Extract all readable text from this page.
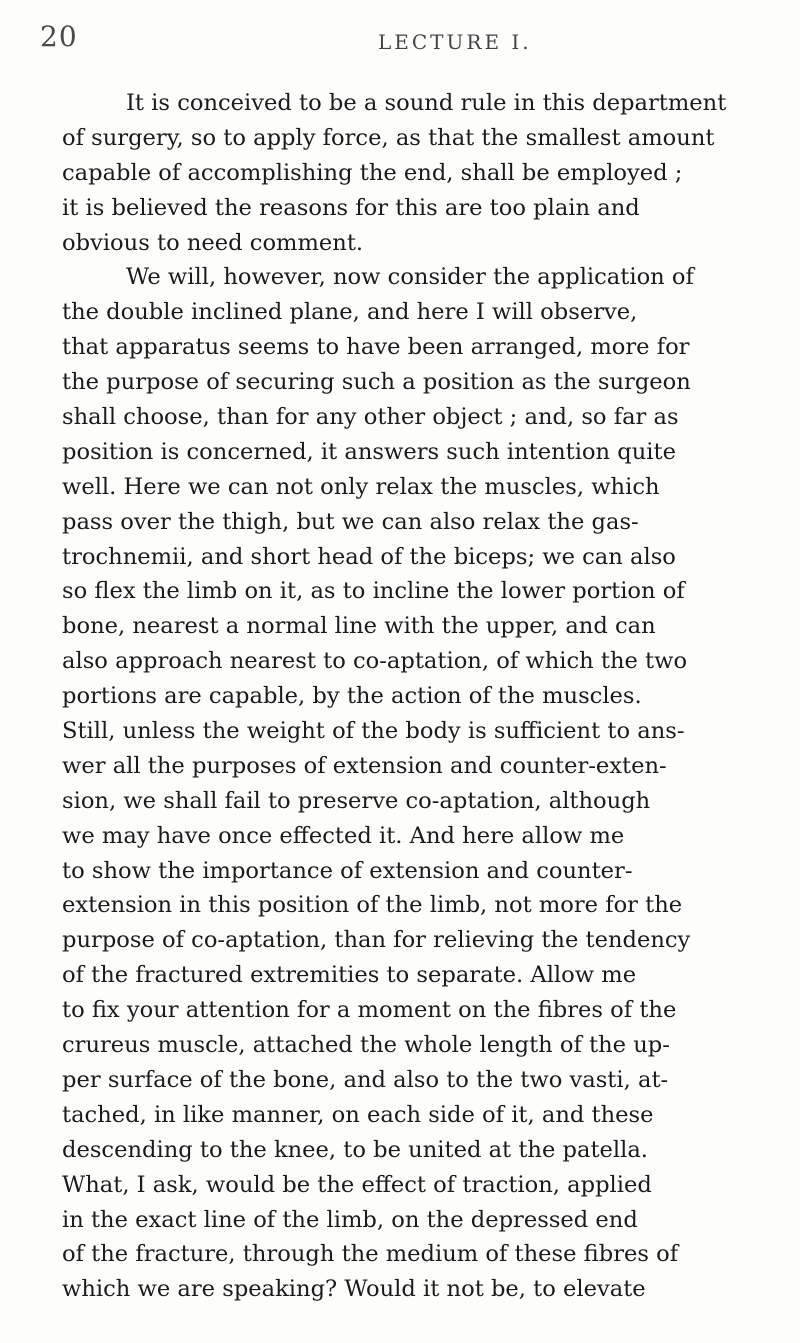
20	LECTURE I.
It is conceived to be a sound rule in this department
of surgery, so to apply force, as that the smallest amount
capable of accomplishing the end, shall be employed ;
it is believed the reasons for this are too plain and
obvious to need comment.
We will, however, now consider the application of
the double inclined plane, and here I will observe,
that apparatus seems to have been arranged, more for
the purpose of securing such a position as the surgeon
shall choose, than for any other object ; and, so far as
position is concerned, it answers such intention quite
well. Here we can not only relax the muscles, which
pass over the thigh, but we can also relax the gas-
trochnemii, and short head of the biceps; we can also
so flex the limb on it, as to incline the lower portion of
bone, nearest a normal line with the upper, and can
also approach nearest to co-aptation, of which the two
portions are capable, by the action of the muscles.
Still, unless the weight of the body is sufficient to ans-
wer all the purposes of extension and counter-exten-
sion, we shall fail to preserve co-aptation, although
we may have once effected it. And here allow me
to show the importance of extension and counter-
extension in this position of the limb, not more for the
purpose of co-aptation, than for relieving the tendency
of the fractured extremities to separate. Allow me
to fix your attention for a moment on the fibres of the
crureus muscle, attached the whole length of the up-
per surface of the bone, and also to the two vasti, at-
tached, in like manner, on each side of it, and these
descending to the knee, to be united at the patella.
What, I ask, would be the effect of traction, applied
in the exact line of the limb, on the depressed end
of the fracture, through the medium of these fibres of
which we are speaking? Would it not be, to elevate
